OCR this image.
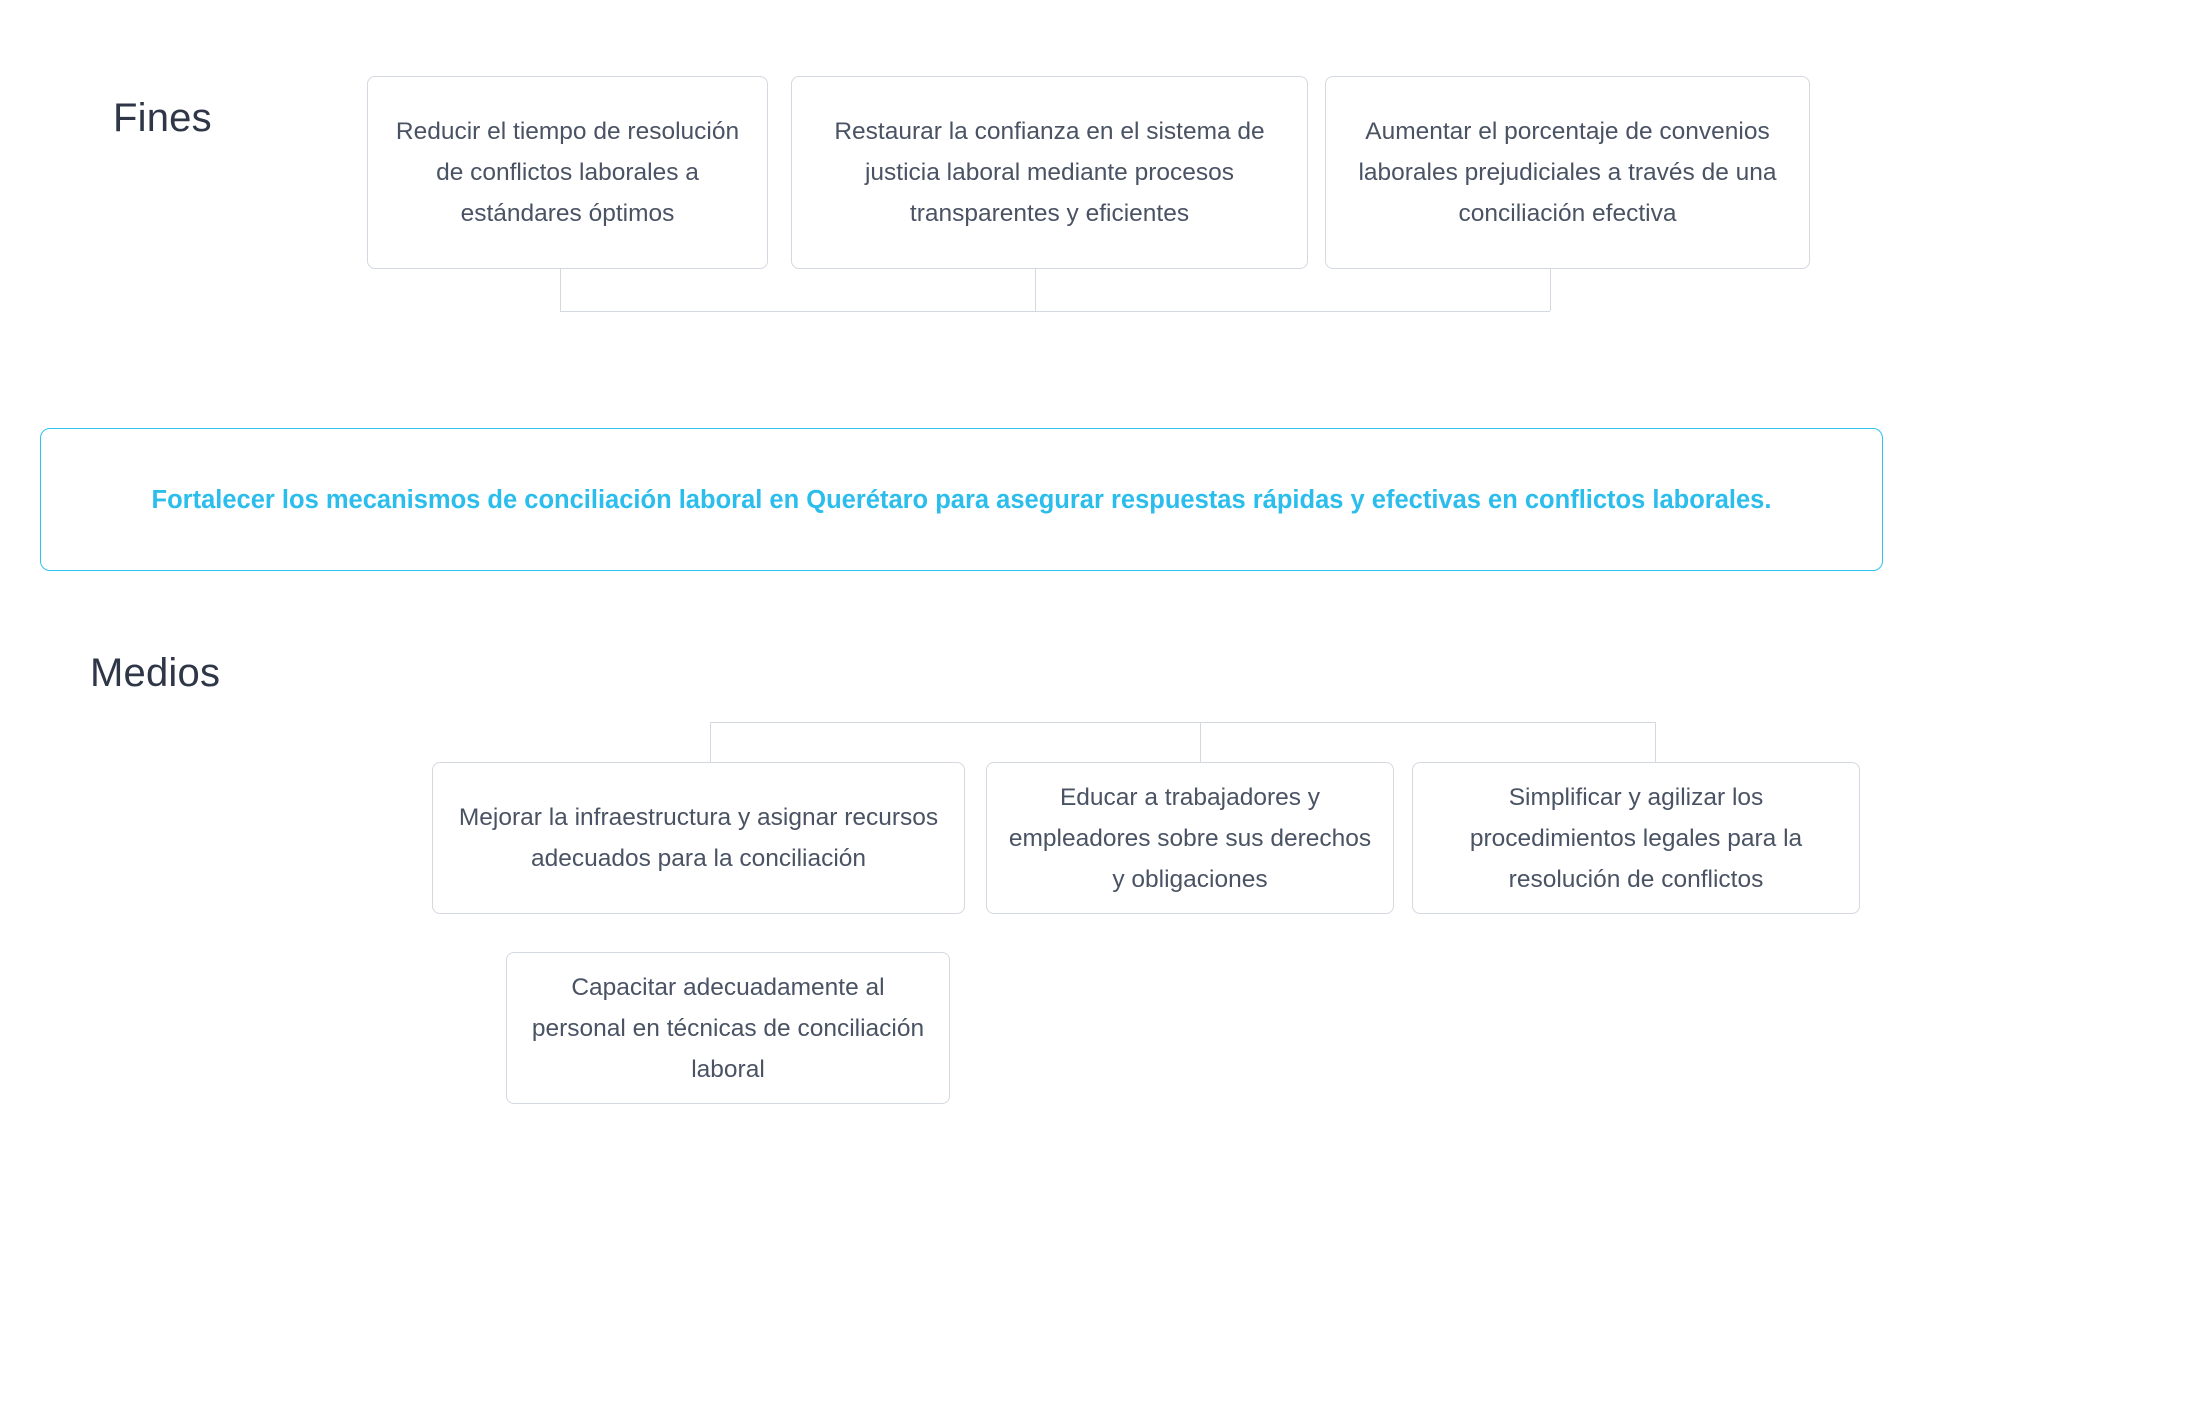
Fines	Reducir el tiempo de resolución de conflictos laborales a estándares óptimos
Restaurar la confianza en el sistema de justicia laboral mediante procesos transparentes y eficientes
Aumentar el porcentaje de convenios laborales prejudiciales a través de una conciliación efectiva
Fortalecer los mecanismos de conciliación laboral en Querétaro para asegurar respuestas rápidas y efectivas en conflictos laborales.
Medios
Mejorar la infraestructura y asignar recursos adecuados para la conciliación
Educar a trabajadores y empleadores sobre sus derechos y obligaciones
Simplificar y agilizar los procedimientos legales para la resolución de conflictos
Capacitar adecuadamente al personal en técnicas de conciliación laboral
